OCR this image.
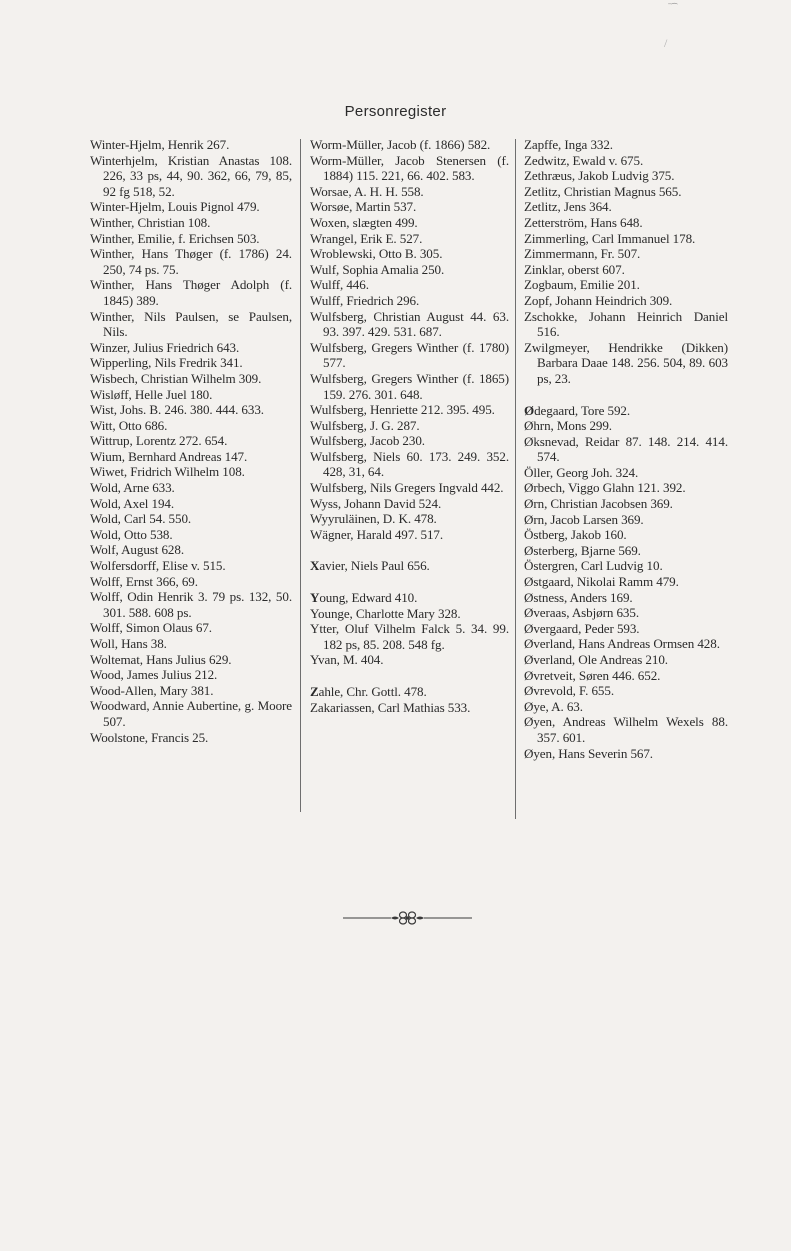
ˉ͡
/
Personregister
Winter-Hjelm, Henrik 267.
Winterhjelm, Kristian Anastas 108. 226, 33 ps, 44, 90. 362, 66, 79, 85, 92 fg 518, 52.
Winter-Hjelm, Louis Pignol 479.
Winther, Christian 108.
Winther, Emilie, f. Erichsen 503.
Winther, Hans Thøger (f. 1786) 24. 250, 74 ps. 75.
Winther, Hans Thøger Adolph (f. 1845) 389.
Winther, Nils Paulsen, se Paulsen, Nils.
Winzer, Julius Friedrich 643.
Wipperling, Nils Fredrik 341.
Wisbech, Christian Wilhelm 309.
Wisløff, Helle Juel 180.
Wist, Johs. B. 246. 380. 444. 633.
Witt, Otto 686.
Wittrup, Lorentz 272. 654.
Wium, Bernhard Andreas 147.
Wiwet, Fridrich Wilhelm 108.
Wold, Arne 633.
Wold, Axel 194.
Wold, Carl 54. 550.
Wold, Otto 538.
Wolf, August 628.
Wolfersdorff, Elise v. 515.
Wolff, Ernst 366, 69.
Wolff, Odin Henrik 3. 79 ps. 132, 50. 301. 588. 608 ps.
Wolff, Simon Olaus 67.
Woll, Hans 38.
Woltemat, Hans Julius 629.
Wood, James Julius 212.
Wood-Allen, Mary 381.
Woodward, Annie Aubertine, g. Moore 507.
Woolstone, Francis 25.
Worm-Müller, Jacob (f. 1866) 582.
Worm-Müller, Jacob Stenersen (f. 1884) 115. 221, 66. 402. 583.
Worsae, A. H. H. 558.
Worsøe, Martin 537.
Woxen, slægten 499.
Wrangel, Erik E. 527.
Wroblewski, Otto B. 305.
Wulf, Sophia Amalia 250.
Wulff, 446.
Wulff, Friedrich 296.
Wulfsberg, Christian August 44. 63. 93. 397. 429. 531. 687.
Wulfsberg, Gregers Winther (f. 1780) 577.
Wulfsberg, Gregers Winther (f. 1865) 159. 276. 301. 648.
Wulfsberg, Henriette 212. 395. 495.
Wulfsberg, J. G. 287.
Wulfsberg, Jacob 230.
Wulfsberg, Niels 60. 173. 249. 352. 428, 31, 64.
Wulfsberg, Nils Gregers Ingvald 442.
Wyss, Johann David 524.
Wyyruläinen, D. K. 478.
Wägner, Harald 497. 517.
Xavier, Niels Paul 656.
Young, Edward 410.
Younge, Charlotte Mary 328.
Ytter, Oluf Vilhelm Falck 5. 34. 99. 182 ps, 85. 208. 548 fg.
Yvan, M. 404.
Zahle, Chr. Gottl. 478.
Zakariassen, Carl Mathias 533.
Zapffe, Inga 332.
Zedwitz, Ewald v. 675.
Zethræus, Jakob Ludvig 375.
Zetlitz, Christian Magnus 565.
Zetlitz, Jens 364.
Zetterström, Hans 648.
Zimmerling, Carl Immanuel 178.
Zimmermann, Fr. 507.
Zinklar, oberst 607.
Zogbaum, Emilie 201.
Zopf, Johann Heindrich 309.
Zschokke, Johann Heinrich Daniel 516.
Zwilgmeyer, Hendrikke (Dikken) Barbara Daae 148. 256. 504, 89. 603 ps, 23.
Ødegaard, Tore 592.
Øhrn, Mons 299.
Øksnevad, Reidar 87. 148. 214. 414. 574.
Öller, Georg Joh. 324.
Ørbech, Viggo Glahn 121. 392.
Ørn, Christian Jacobsen 369.
Ørn, Jacob Larsen 369.
Östberg, Jakob 160.
Østerberg, Bjarne 569.
Östergren, Carl Ludvig 10.
Østgaard, Nikolai Ramm 479.
Østness, Anders 169.
Øveraas, Asbjørn 635.
Øvergaard, Peder 593.
Øverland, Hans Andreas Ormsen 428.
Øverland, Ole Andreas 210.
Øvretveit, Søren 446. 652.
Øvrevold, F. 655.
Øye, A. 63.
Øyen, Andreas Wilhelm Wexels 88. 357. 601.
Øyen, Hans Severin 567.
